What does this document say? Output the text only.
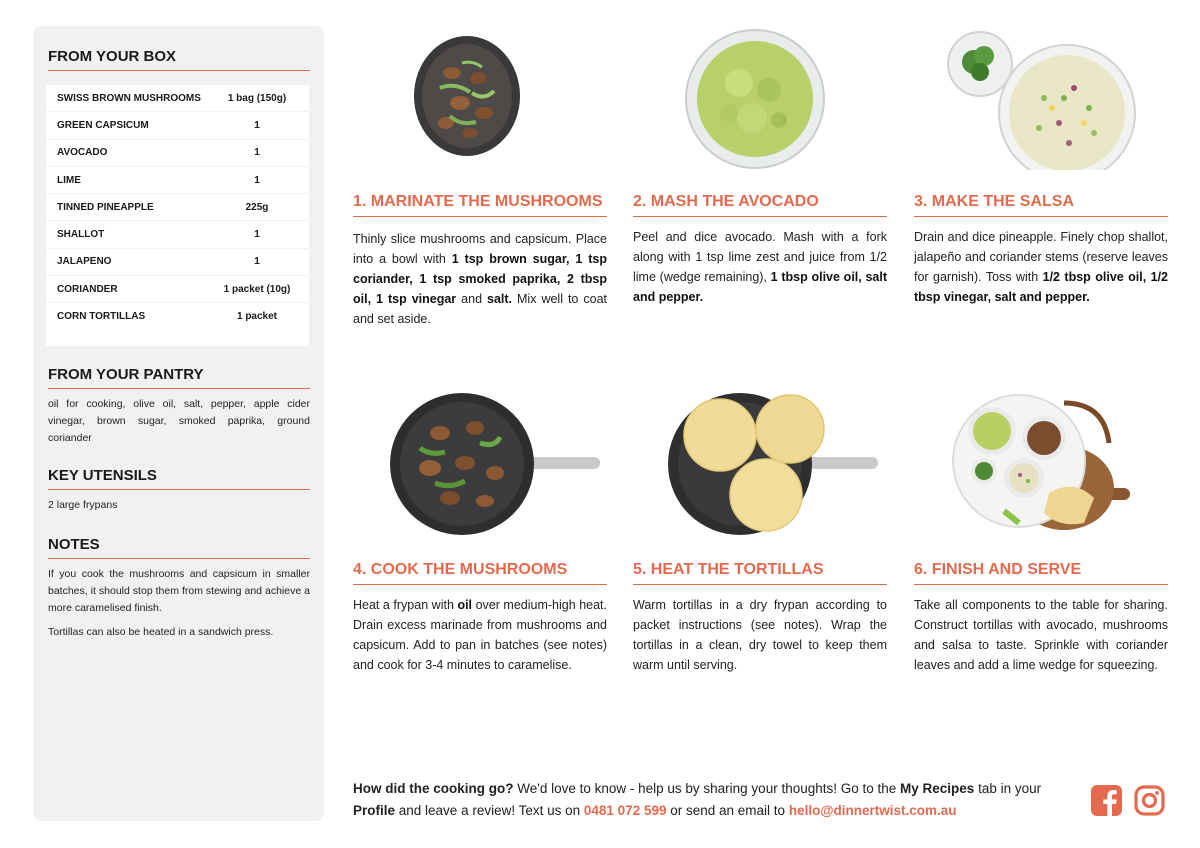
FROM YOUR BOX
SWISS BROWN MUSHROOMS	1 bag (150g)
GREEN CAPSICUM	1
AVOCADO	1
LIME	1
TINNED PINEAPPLE	225g
SHALLOT	1
JALAPENO	1
CORIANDER	1 packet (10g)
CORN TORTILLAS	1 packet
FROM YOUR PANTRY

oil for cooking, olive oil, salt, pepper, apple cider vinegar, brown sugar, smoked paprika, ground coriander

KEY UTENSILS

2 large frypans

NOTES

If you cook the mushrooms and capsicum in smaller batches, it should stop them from stewing and achieve a more caramelised finish.

Tortillas can also be heated in a sandwich press.

1. MARINATE THE MUSHROOMS 2. MASH THE AVOCADO	3. MAKE THE SALSA
4. COOK THE MUSHROOMS	5. HEAT THE TORTILLAS	6. FINISH AND SERVE

Thinly slice mushrooms and capsicum. Place into a bowl with 1 tsp brown sugar, 1 tsp coriander, 1 tsp smoked paprika, 2 tbsp oil, 1 tsp vinegar and salt. Mix well to coat and set aside.

Peel and dice avocado. Mash with a fork along with 1 tsp lime zest and juice from 1/2 lime (wedge remaining), 1 tbsp olive oil, salt and pepper.

Drain and dice pineapple. Finely chop shallot, jalapeño and coriander stems (reserve leaves for garnish). Toss with 1/2 tbsp olive oil, 1/2 tbsp vinegar, salt and pepper.

Heat a frypan with oil over medium-high heat. Drain excess marinade from mushrooms and capsicum. Add to pan in batches (see notes) and cook for 3-4 minutes to caramelise.

Warm tortillas in a dry frypan according to packet instructions (see notes). Wrap the tortillas in a clean, dry towel to keep them warm until serving.

Take all components to the table for sharing. Construct tortillas with avocado, mushrooms and salsa to taste. Sprinkle with coriander leaves and add a lime wedge for squeezing.

How did the cooking go? We'd love to know - help us by sharing your thoughts! Go to the My Recipes tab in your Profile and leave a review! Text us on 0481 072 599 or send an email to hello@dinnertwist.com.au
